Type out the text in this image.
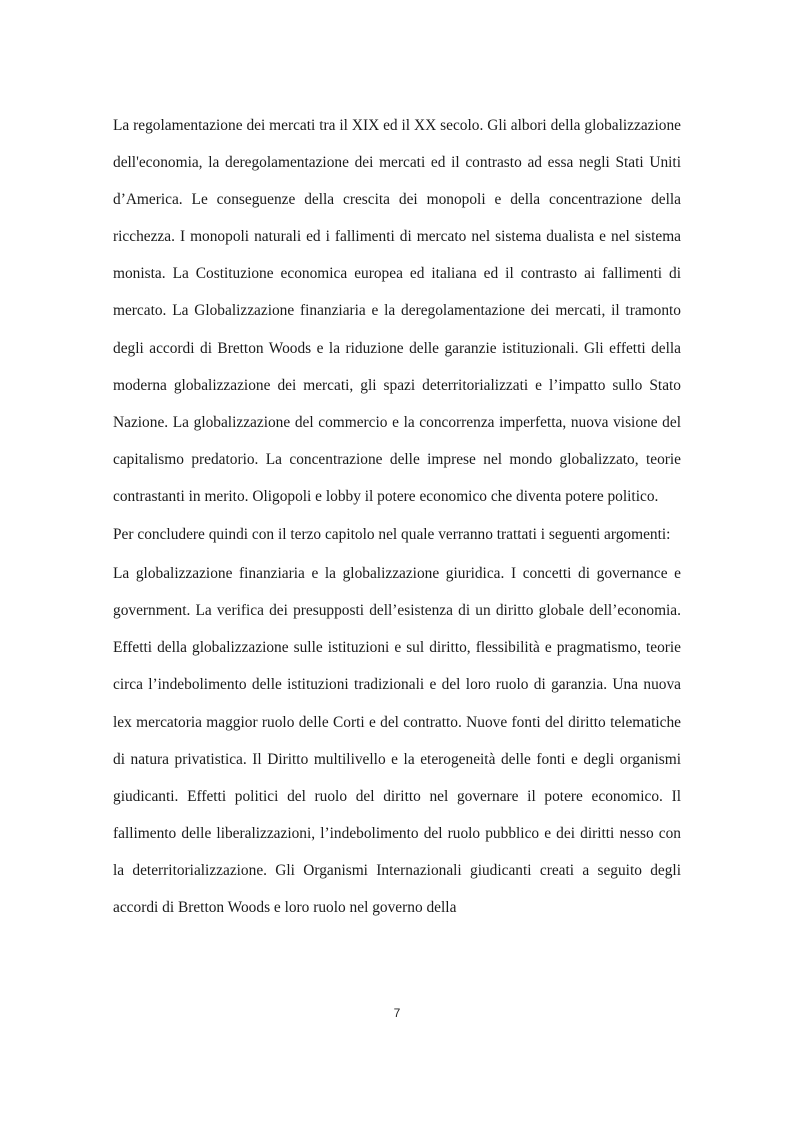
La regolamentazione dei mercati tra il XIX ed il XX secolo. Gli albori della globalizzazione dell'economia, la deregolamentazione dei mercati ed il contrasto ad essa negli Stati Uniti d’America. Le conseguenze della crescita dei monopoli e della concentrazione della ricchezza. I monopoli naturali ed i fallimenti di mercato nel sistema dualista e nel sistema monista. La Costituzione economica europea ed italiana ed il contrasto ai fallimenti di mercato. La Globalizzazione finanziaria e la deregolamentazione dei mercati, il tramonto degli accordi di Bretton Woods e la riduzione delle garanzie istituzionali. Gli effetti della moderna globalizzazione dei mercati, gli spazi deterritorializzati e l’impatto sullo Stato Nazione. La globalizzazione del commercio e la concorrenza imperfetta, nuova visione del capitalismo predatorio. La concentrazione delle imprese nel mondo globalizzato, teorie contrastanti in merito. Oligopoli e lobby il potere economico che diventa potere politico.

Per concludere quindi con il terzo capitolo nel quale verranno trattati i seguenti argomenti:

La globalizzazione finanziaria e la globalizzazione giuridica. I concetti di governance e government. La verifica dei presupposti dell’esistenza di un diritto globale dell’economia. Effetti della globalizzazione sulle istituzioni e sul diritto, flessibilità e pragmatismo, teorie circa l’indebolimento delle istituzioni tradizionali e del loro ruolo di garanzia. Una nuova lex mercatoria maggior ruolo delle Corti e del contratto. Nuove fonti del diritto telematiche di natura privatistica. Il Diritto multilivello e la eterogeneità delle fonti e degli organismi giudicanti. Effetti politici del ruolo del diritto nel governare il potere economico. Il fallimento delle liberalizzazioni, l’indebolimento del ruolo pubblico e dei diritti nesso con la deterritorializzazione. Gli Organismi Internazionali giudicanti creati a seguito degli accordi di Bretton Woods e loro ruolo nel governo della

7
